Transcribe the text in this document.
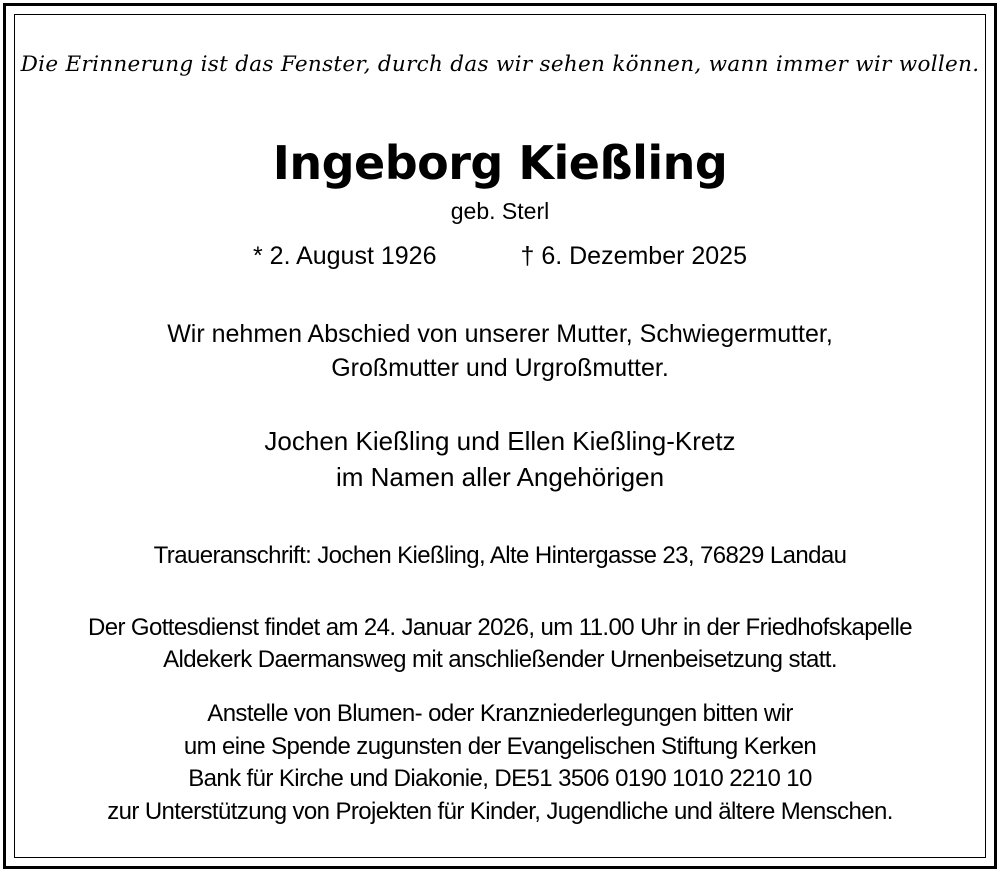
Die Erinnerung ist das Fenster, durch das wir sehen können, wann immer wir wollen.
Ingeborg Kießling
geb. Sterl
* 2. August 1926	† 6. Dezember 2025
Wir nehmen Abschied von unserer Mutter, Schwiegermutter,
Großmutter und Urgroßmutter.
Jochen Kießling und Ellen Kießling-Kretz
im Namen aller Angehörigen
Traueranschrift: Jochen Kießling, Alte Hintergasse 23, 76829 Landau
Der Gottesdienst findet am 24. Januar 2026, um 11.00 Uhr in der Friedhofskapelle
Aldekerk Daermansweg mit anschließender Urnenbeisetzung statt.
Anstelle von Blumen- oder Kranzniederlegungen bitten wir
um eine Spende zugunsten der Evangelischen Stiftung Kerken
Bank für Kirche und Diakonie, DE51 3506 0190 1010 2210 10
zur Unterstützung von Projekten für Kinder, Jugendliche und ältere Menschen.
